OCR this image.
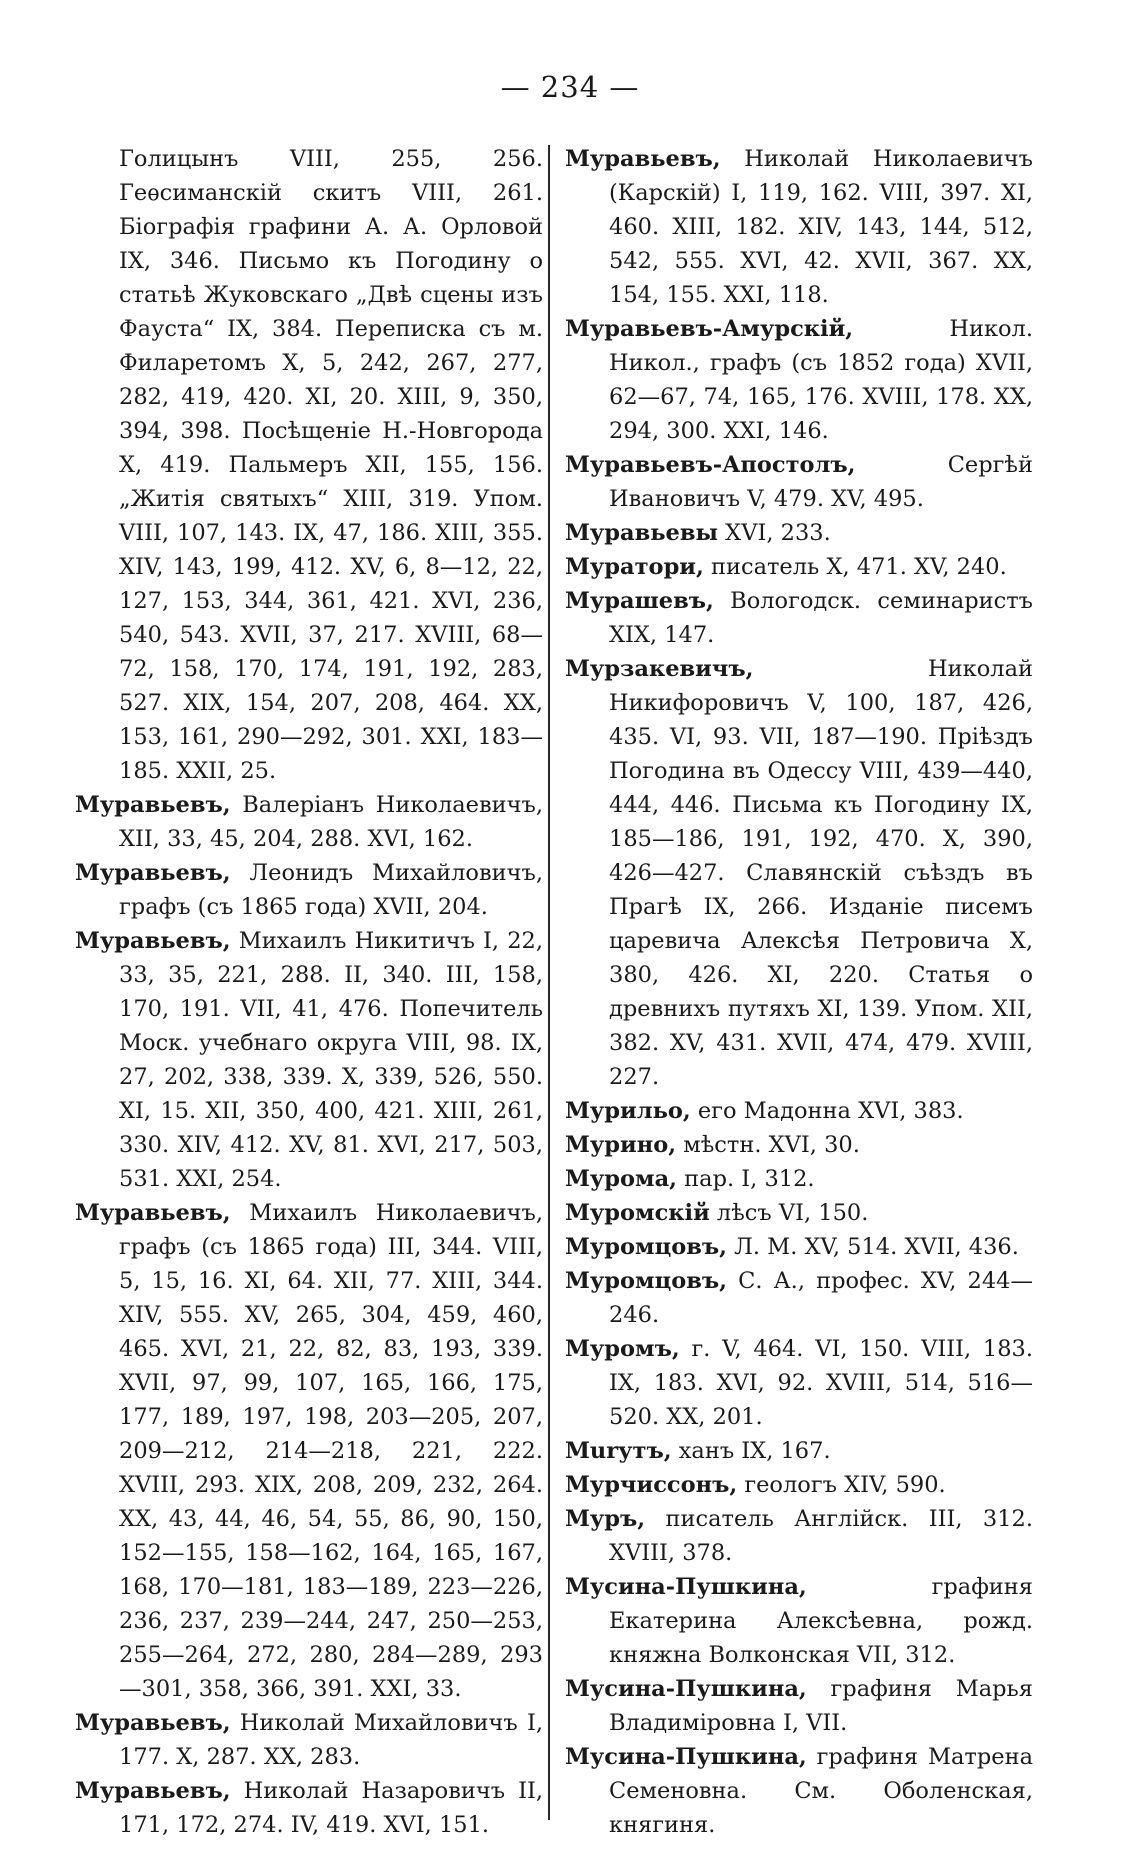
— 234 —

Голицынъ VIII, 255, 256. Геѳсиманскій скитъ VIII, 261. Біографія графини А. А. Орловой IX, 346. Письмо къ Погодину о статьѣ Жуковскаго „Двѣ сцены изъ Фауста“ IX, 384. Переписка съ м. Филаретомъ X, 5, 242, 267, 277, 282, 419, 420. XI, 20. XIII, 9, 350, 394, 398. Посѣщеніе Н.-Новгорода X, 419. Пальмеръ XII, 155, 156. „Житія святыхъ“ XIII, 319. Упом. VIII, 107, 143. IX, 47, 186. XIII, 355. XIV, 143, 199, 412. XV, 6, 8—12, 22, 127, 153, 344, 361, 421. XVI, 236, 540, 543. XVII, 37, 217. XVIII, 68—72, 158, 170, 174, 191, 192, 283, 527. XIX, 154, 207, 208, 464. XX, 153, 161, 290—292, 301. XXI, 183—185. XXII, 25.

Муравьевъ, Валеріанъ Николаевичъ, XII, 33, 45, 204, 288. XVI, 162.

Муравьевъ, Леонидъ Михайловичъ, графъ (съ 1865 года) XVII, 204.

Муравьевъ, Михаилъ Никитичъ I, 22, 33, 35, 221, 288. II, 340. III, 158, 170, 191. VII, 41, 476. Попечитель Моск. учебнаго округа VIII, 98. IX, 27, 202, 338, 339. X, 339, 526, 550. XI, 15. XII, 350, 400, 421. XIII, 261, 330. XIV, 412. XV, 81. XVI, 217, 503, 531. XXI, 254.

Муравьевъ, Михаилъ Николаевичъ, графъ (съ 1865 года) III, 344. VIII, 5, 15, 16. XI, 64. XII, 77. XIII, 344. XIV, 555. XV, 265, 304, 459, 460, 465. XVI, 21, 22, 82, 83, 193, 339. XVII, 97, 99, 107, 165, 166, 175, 177, 189, 197, 198, 203—205, 207, 209—212, 214—218, 221, 222. XVIII, 293. XIX, 208, 209, 232, 264. XX, 43, 44, 46, 54, 55, 86, 90, 150, 152—155, 158—162, 164, 165, 167, 168, 170—181, 183—189, 223—226, 236, 237, 239—244, 247, 250—253, 255—264, 272, 280, 284—289, 293—301, 358, 366, 391. XXI, 33.

Муравьевъ, Николай Михайловичъ I, 177. X, 287. XX, 283.

Муравьевъ, Николай Назаровичъ II, 171, 172, 274. IV, 419. XVI, 151.

Муравьевъ, Николай Николаевичъ (Карскій) I, 119, 162. VIII, 397. XI, 460. XIII, 182. XIV, 143, 144, 512, 542, 555. XVI, 42. XVII, 367. XX, 154, 155. XXI, 118.

Муравьевъ-Амурскій, Никол. Никол., графъ (съ 1852 года) XVII, 62—67, 74, 165, 176. XVIII, 178. XX, 294, 300. XXI, 146.

Муравьевъ-Апостолъ, Сергѣй Ивановичъ V, 479. XV, 495.

Муравьевы XVI, 233.

Муратори, писатель X, 471. XV, 240.

Мурашевъ, Вологодск. семинаристъ XIX, 147.

Мурзакевичъ, Николай Никифоровичъ V, 100, 187, 426, 435. VI, 93. VII, 187—190. Пріѣздъ Погодина въ Одессу VIII, 439—440, 444, 446. Письма къ Погодину IX, 185—186, 191, 192, 470. X, 390, 426—427. Славянскій съѣздъ въ Прагѣ IX, 266. Изданіе писемъ царевича Алексѣя Петровича X, 380, 426. XI, 220. Статья о древнихъ путяхъ XI, 139. Упом. XII, 382. XV, 431. XVII, 474, 479. XVIII, 227.

Мурильо, его Мадонна XVI, 383.

Мурино, мѣстн. XVI, 30.

Мурома, пар. I, 312.

Муромскій лѣсъ VI, 150.

Муромцовъ, Л. М. XV, 514. XVII, 436.

Муромцовъ, С. А., профес. XV, 244—246.

Муромъ, г. V, 464. VI, 150. VIII, 183. IX, 183. XVI, 92. XVIII, 514, 516—520. XX, 201.

Murутъ, ханъ IX, 167.

Мурчиссонъ, геологъ XIV, 590.

Муръ, писатель Англійск. III, 312. XVIII, 378.

Мусина-Пушкина, графиня Екатерина Алексѣевна, рожд. княжна Волконская VII, 312.

Мусина-Пушкина, графиня Марья Владиміровна I, VII.

Мусина-Пушкина, графиня Матрена Семеновна. См. Оболенская, княгиня.
